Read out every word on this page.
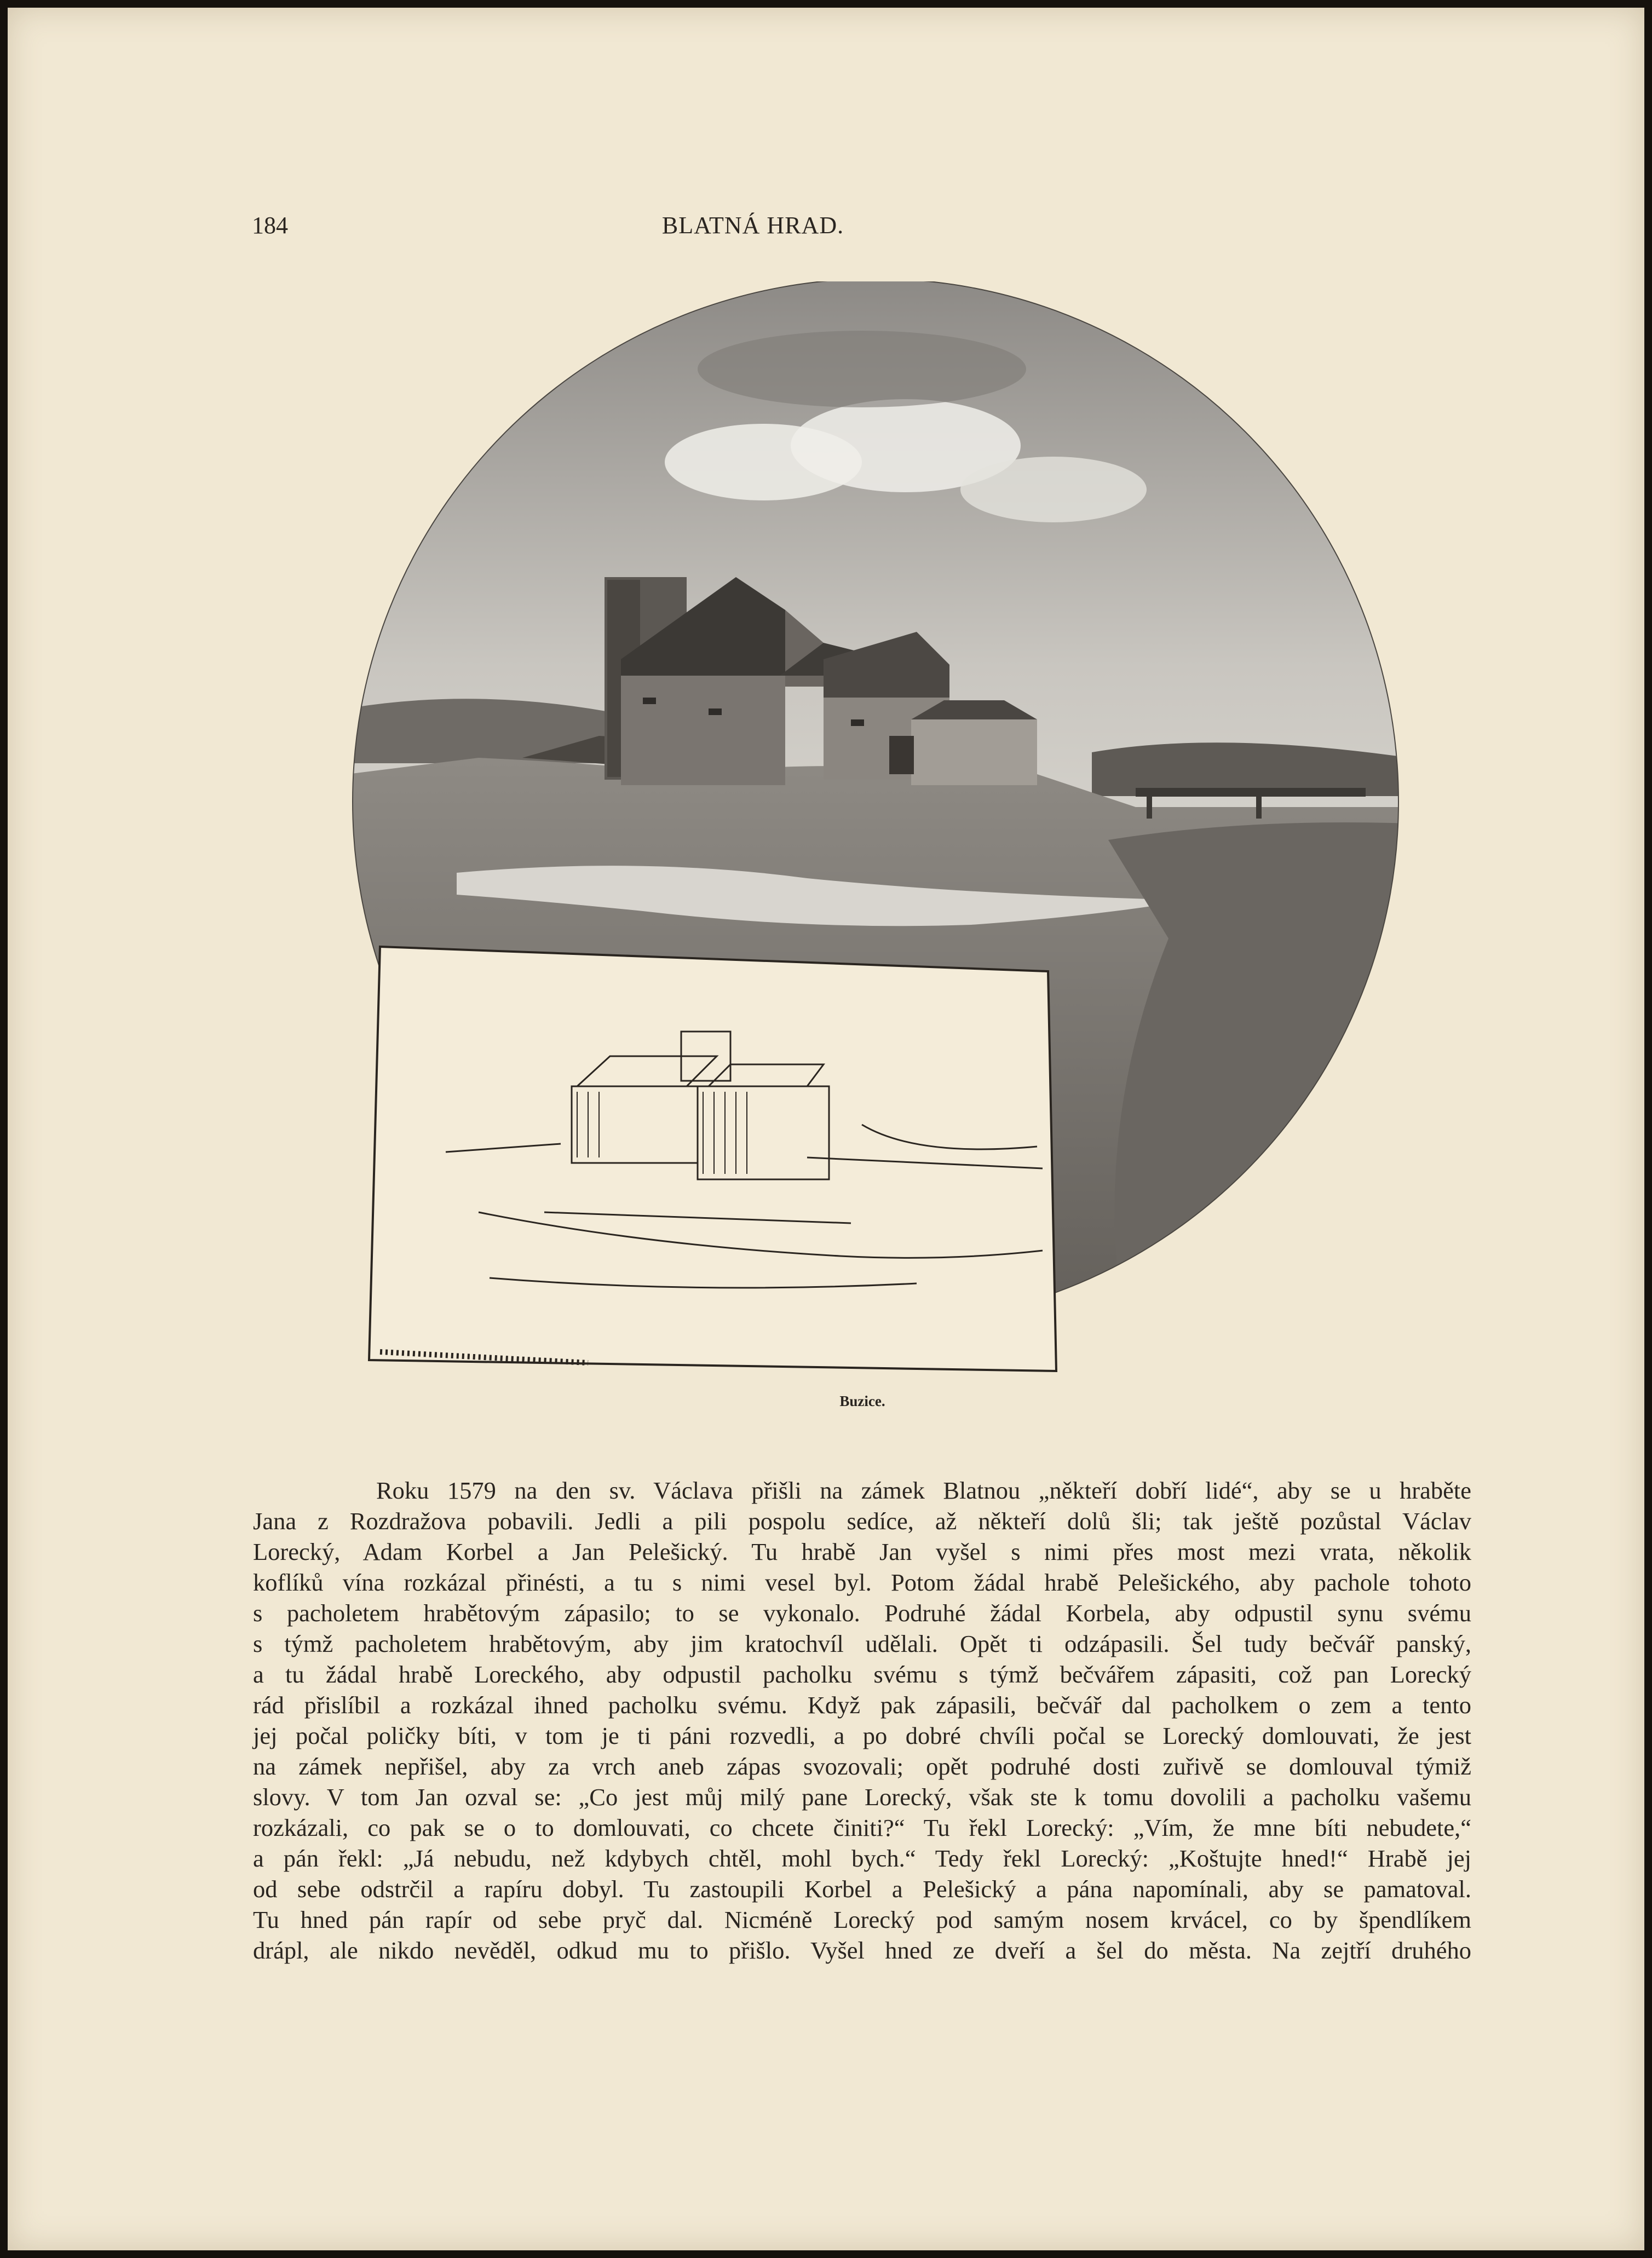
184	BLATNÁ HRAD.
Buzice.
Roku 1579 na den sv. Václava přišli na zámek Blatnou „někteří dobří lidé“, aby se u hraběte
Jana z Rozdražova pobavili. Jedli a pili pospolu sedíce, až někteří dolů šli; tak ještě pozůstal Václav
Lorecký, Adam Korbel a Jan Pelešický. Tu hrabě Jan vyšel s nimi přes most mezi vrata, několik
koflíků vína rozkázal přinésti, a tu s nimi vesel byl. Potom žádal hrabě Pelešického, aby pachole tohoto
s pacholetem hrabětovým zápasilo; to se vykonalo. Podruhé žádal Korbela, aby odpustil synu svému
s týmž pacholetem hrabětovým, aby jim kratochvíl udělali. Opět ti odzápasili. Šel tudy bečvář panský,
a tu žádal hrabě Loreckého, aby odpustil pacholku svému s týmž bečvářem zápasiti, což pan Lorecký
rád přislíbil a rozkázal ihned pacholku svému. Když pak zápasili, bečvář dal pacholkem o zem a tento
jej počal poličky bíti, v tom je ti páni rozvedli, a po dobré chvíli počal se Lorecký domlouvati, že jest
na zámek nepřišel, aby za vrch aneb zápas svozovali; opět podruhé dosti zuřivě se domlouval týmiž
slovy. V tom Jan ozval se: „Co jest můj milý pane Lorecký, však ste k tomu dovolili a pacholku vašemu
rozkázali, co pak se o to domlouvati, co chcete činiti?“ Tu řekl Lorecký: „Vím, že mne bíti nebudete,“
a pán řekl: „Já nebudu, než kdybych chtěl, mohl bych.“ Tedy řekl Lorecký: „Koštujte hned!“ Hrabě jej
od sebe odstrčil a rapíru dobyl. Tu zastoupili Korbel a Pelešický a pána napomínali, aby se pamatoval.
Tu hned pán rapír od sebe pryč dal. Nicméně Lorecký pod samým nosem krvácel, co by špendlíkem
drápl, ale nikdo nevěděl, odkud mu to přišlo. Vyšel hned ze dveří a šel do města. Na zejtří druhého
